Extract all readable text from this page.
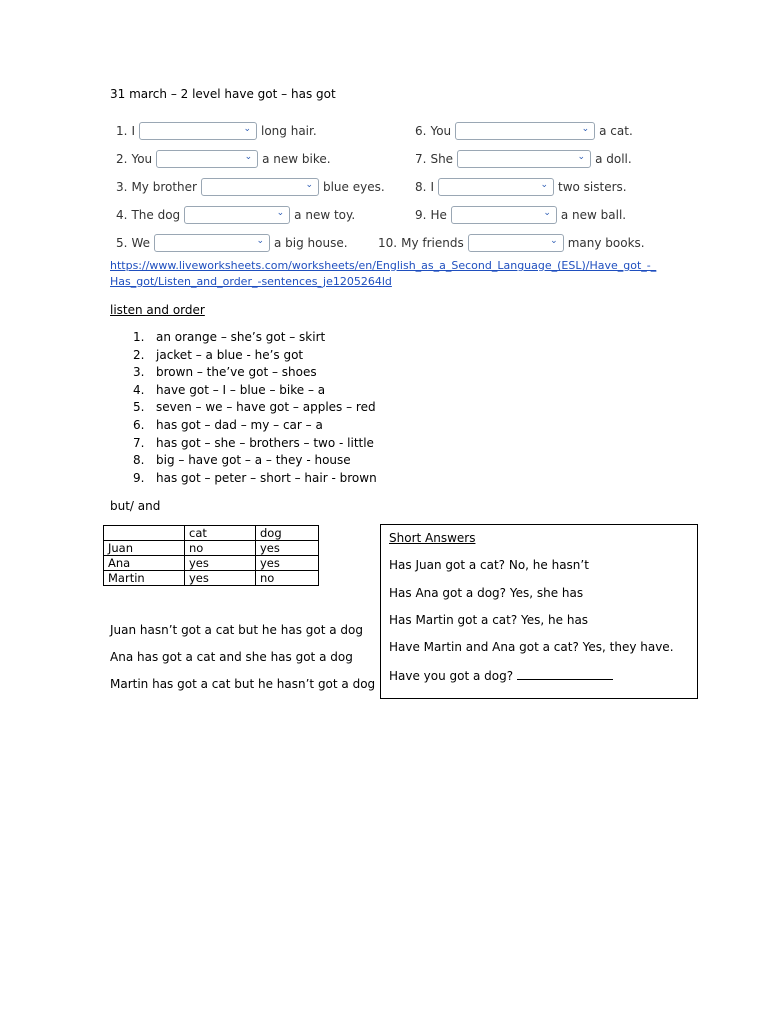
31 march – 2 level have got – has got
1. I	⌄ long hair.
2. You	⌄ a new bike.
3. My brother	⌄ blue eyes.
4. The dog	⌄ a new toy.
5. We	⌄ a big house.
6. You	⌄ a cat.
7. She	⌄ a doll.
8. I	⌄ two sisters.
9. He	⌄ a new ball.
10. My friends	⌄ many books.
https://www.liveworksheets.com/worksheets/en/English_as_a_Second_Language_(ESL)/Have_got_-_Has_got/Listen_and_order_-sentences_je1205264ld
listen and order
1. an orange – she’s got – skirt
2. jacket – a blue - he’s got
3. brown – the’ve got – shoes
4. have got – I – blue – bike – a
5. seven – we – have got – apples – red
6. has got – dad – my – car – a
7. has got – she – brothers – two - little
8. big – have got – a – they - house
9. has got – peter – short – hair - brown
but/ and
	cat	dog
Juan	no	yes
Ana	yes	yes
Martin	yes	no
Juan hasn’t got a cat but he has got a dog
Ana has got a cat and she has got a dog
Martin has got a cat but he hasn’t got a dog
Short Answers
Has Juan got a cat? No, he hasn’t
Has Ana got a dog? Yes, she has
Has Martin got a cat? Yes, he has
Have Martin and Ana got a cat? Yes, they have.
Have you got a dog?
